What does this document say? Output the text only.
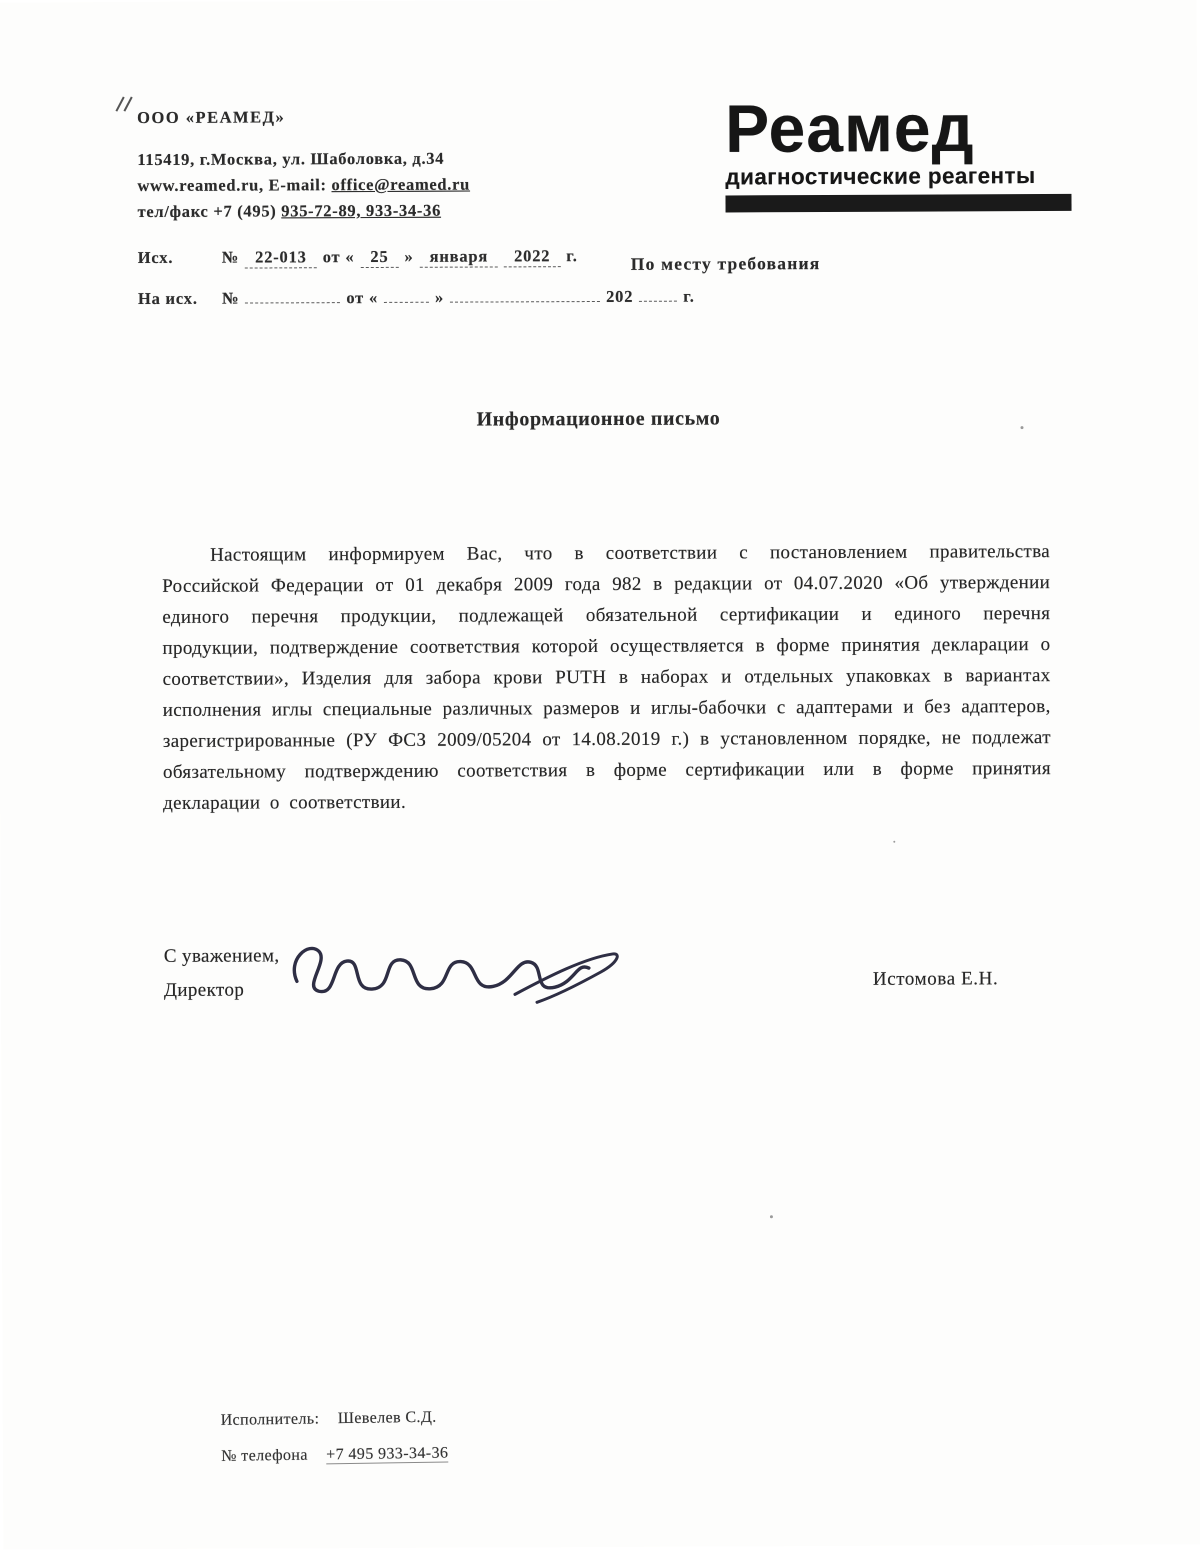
ООО «РЕАМЕД»
115419, г.Москва, ул. Шаболовка, д.34
www.reamed.ru, E-mail: office@reamed.ru
тел/факс +7 (495) 935-72-89, 933-34-36
Реамед
диагностические реагенты
Исх.	№ 22-013 от « 25 » января	2022 г.
На исх.	№	от «	»	202	г.
По месту требования
Информационное письмо
Настоящим информируем Вас, что в соответствии с постановлением правительства Российской Федерации от 01 декабря 2009 года 982 в редакции от 04.07.2020 «Об утверждении единого перечня продукции, подлежащей обязательной сертификации и единого перечня продукции, подтверждение соответствия которой осуществляется в форме принятия декларации о соответствии», Изделия для забора крови PUTH в наборах и отдельных упаковках в вариантах исполнения иглы специальные различных размеров и иглы-бабочки с адаптерами и без адаптеров, зарегистрированные (РУ ФСЗ 2009/05204 от 14.08.2019 г.) в установленном порядке, не подлежат обязательному подтверждению соответствия в форме сертификации или в форме принятия декларации о соответствии.
С уважением,
Директор
Истомова Е.Н.
Исполнитель: Шевелев С.Д.
№ телефона +7 495 933-34-36
